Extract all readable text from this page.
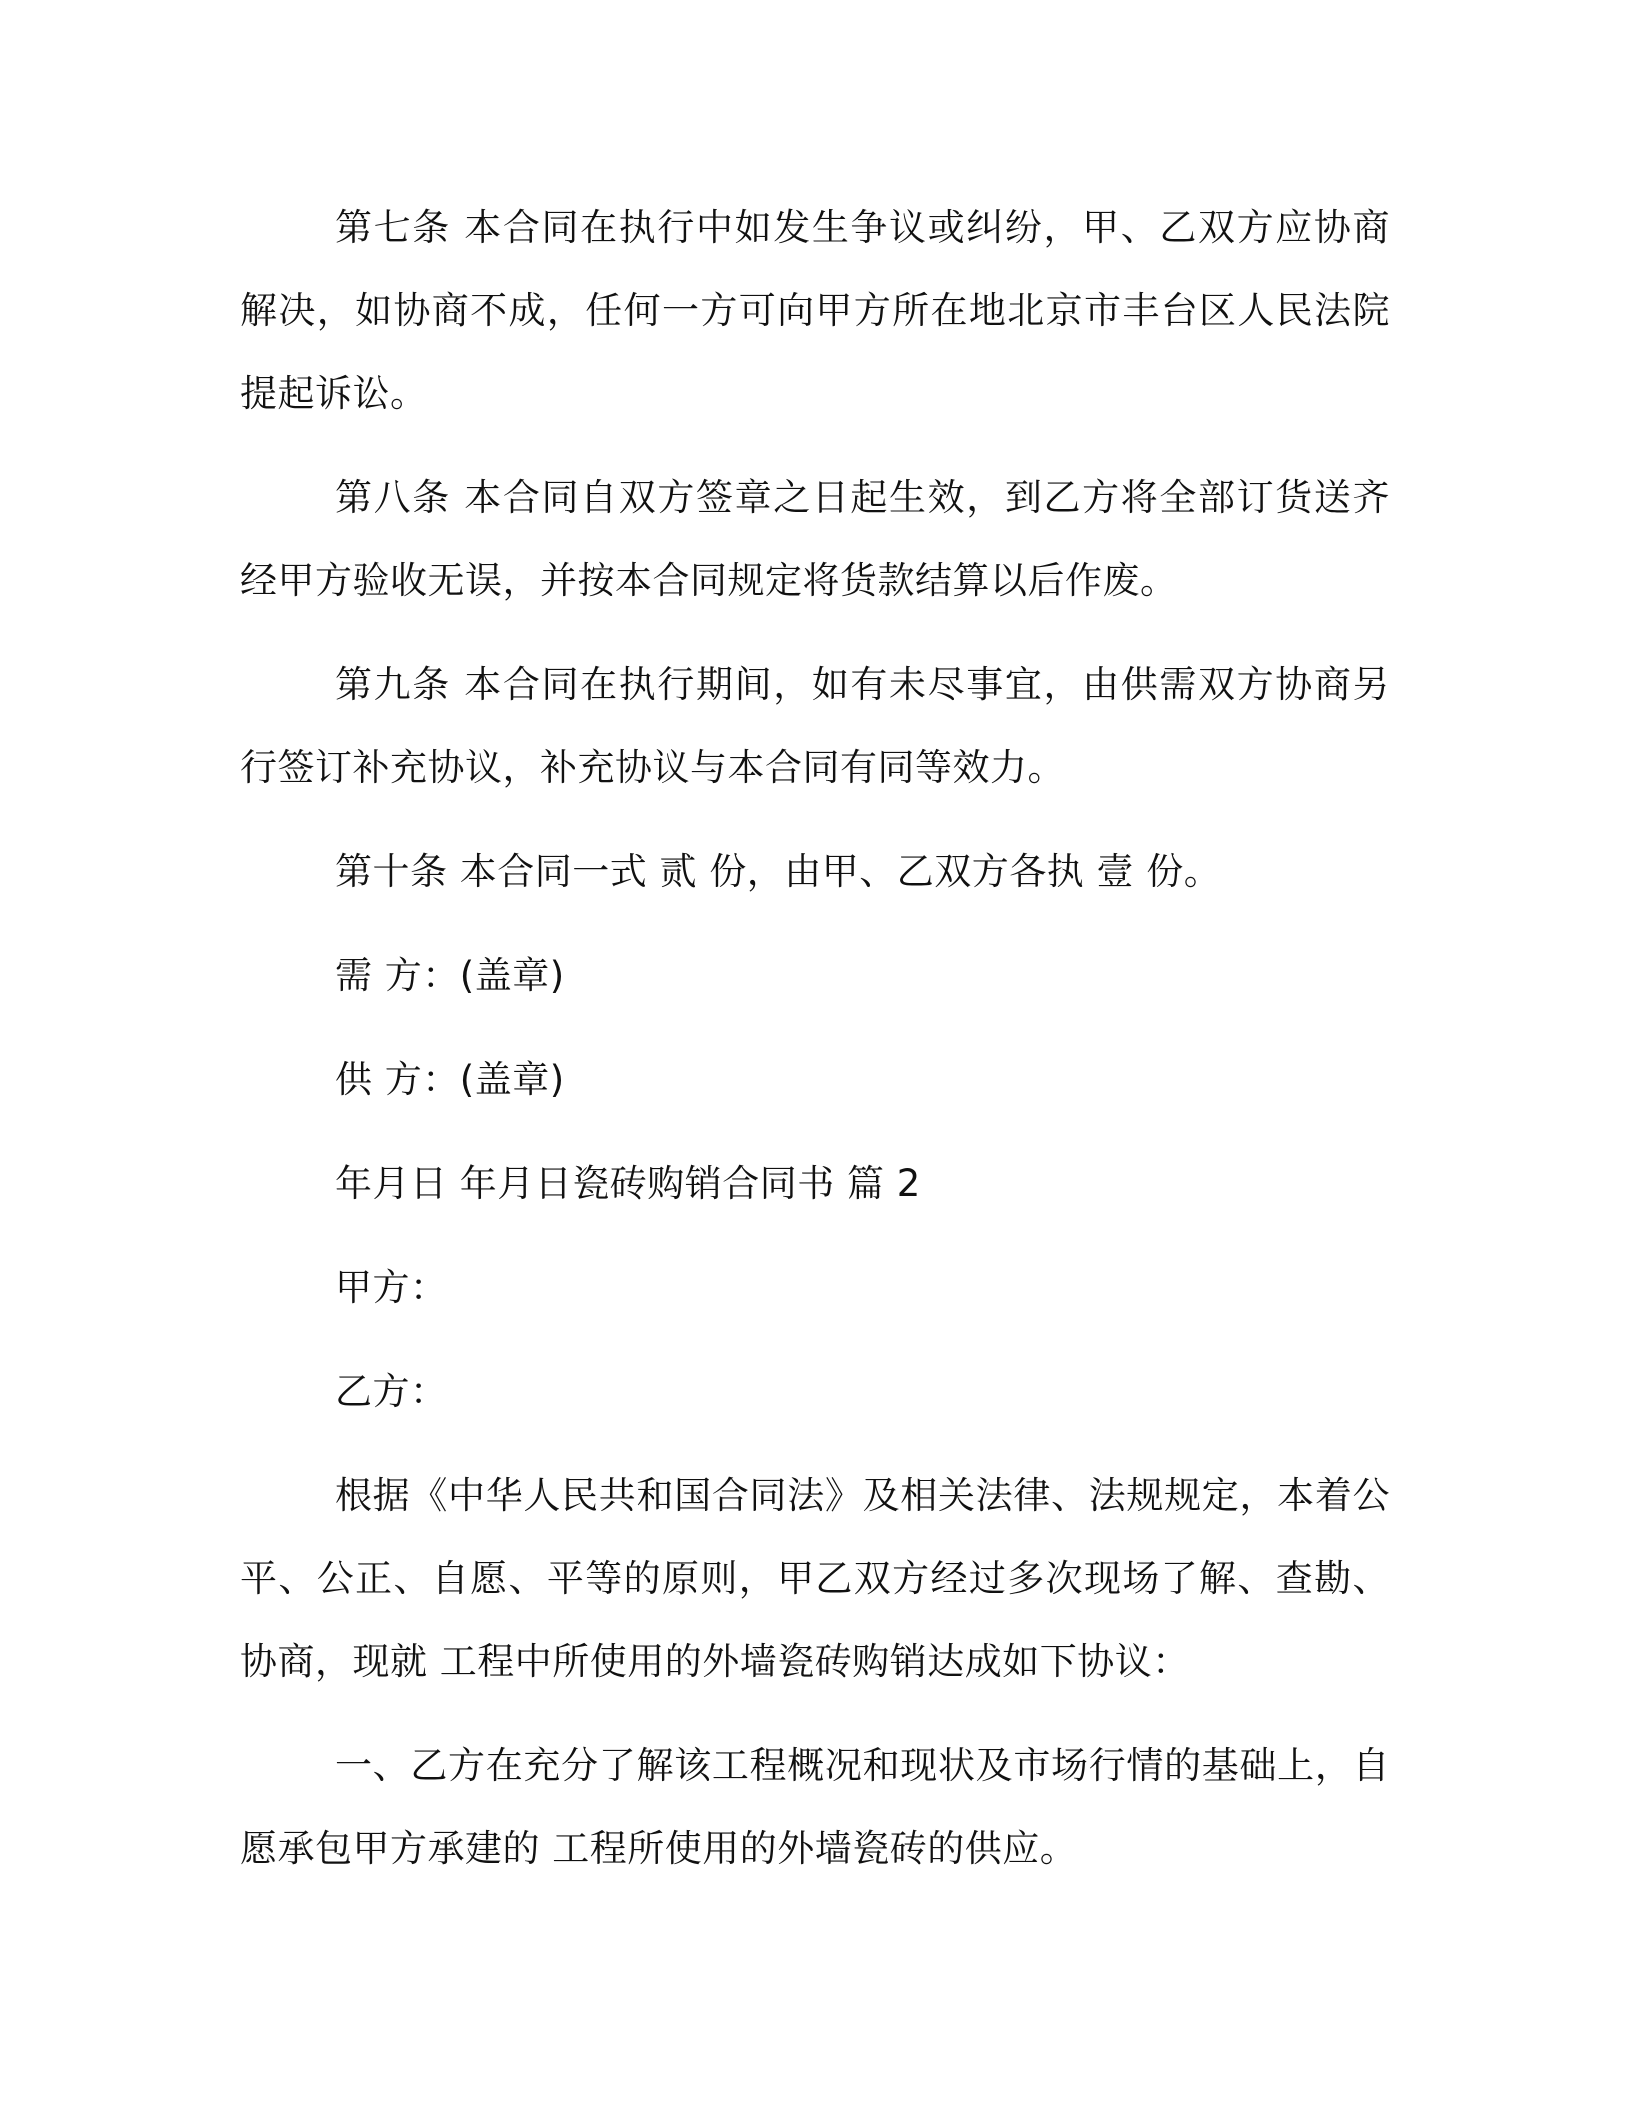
第七条 本合同在执行中如发生争议或纠纷，甲、乙双方应协商解决，如协商不成，任何一方可向甲方所在地北京市丰台区人民法院提起诉讼。

第八条 本合同自双方签章之日起生效，到乙方将全部订货送齐经甲方验收无误，并按本合同规定将货款结算以后作废。

第九条 本合同在执行期间，如有未尽事宜，由供需双方协商另行签订补充协议，补充协议与本合同有同等效力。

第十条 本合同一式 贰 份，由甲、乙双方各执 壹 份。

需 方：(盖章)

供 方：(盖章)

年月日 年月日瓷砖购销合同书 篇 2

甲方：

乙方：

根据《中华人民共和国合同法》及相关法律、法规规定，本着公平、公正、自愿、平等的原则，甲乙双方经过多次现场了解、查勘、协商，现就 工程中所使用的外墙瓷砖购销达成如下协议：

一、乙方在充分了解该工程概况和现状及市场行情的基础上，自愿承包甲方承建的 工程所使用的外墙瓷砖的供应。
